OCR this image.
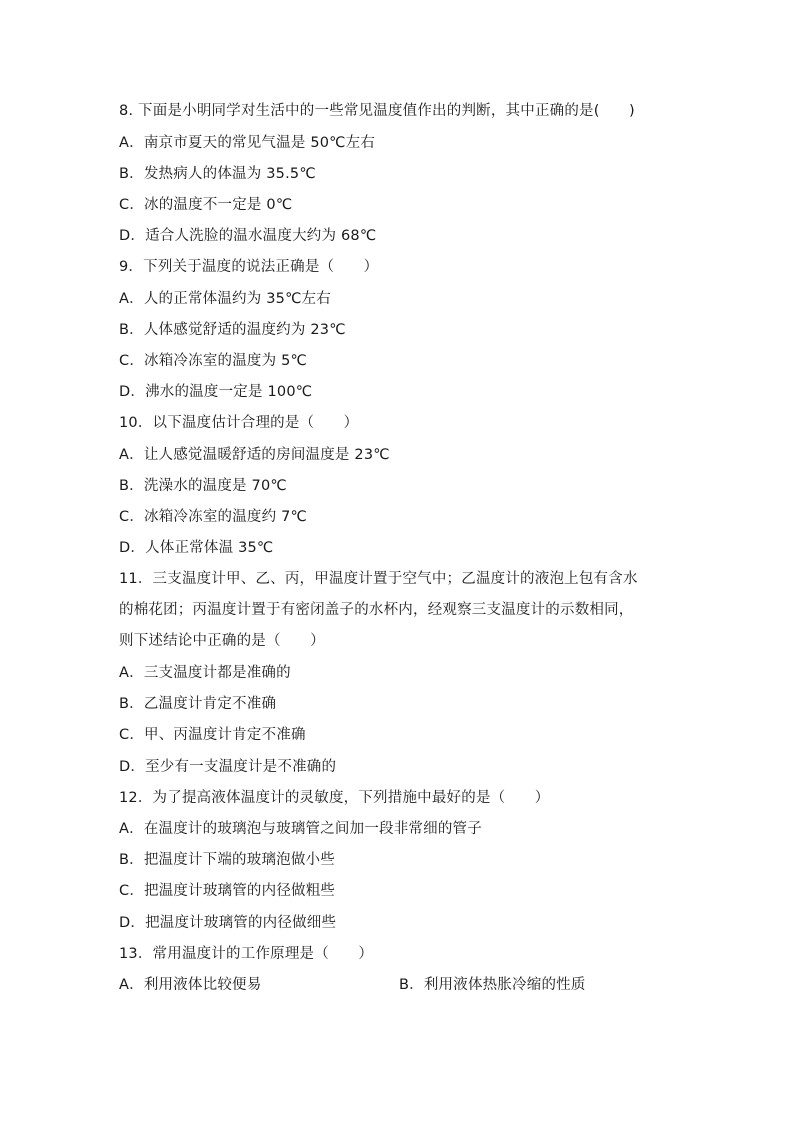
8. 下面是小明同学对生活中的一些常见温度值作出的判断，其中正确的是(　　)
A．南京市夏天的常见气温是 50℃左右
B．发热病人的体温为 35.5℃
C．冰的温度不一定是 0℃
D．适合人洗脸的温水温度大约为 68℃
9．下列关于温度的说法正确是（　　）
A．人的正常体温约为 35℃左右
B．人体感觉舒适的温度约为 23℃
C．冰箱冷冻室的温度为 5℃
D．沸水的温度一定是 100℃
10．以下温度估计合理的是（　　）
A．让人感觉温暖舒适的房间温度是 23℃
B．洗澡水的温度是 70℃
C．冰箱冷冻室的温度约 7℃
D．人体正常体温 35℃
11．三支温度计甲、乙、丙，甲温度计置于空气中；乙温度计的液泡上包有含水
的棉花团；丙温度计置于有密闭盖子的水杯内，经观察三支温度计的示数相同，
则下述结论中正确的是（　　）
A．三支温度计都是准确的
B．乙温度计肯定不准确
C．甲、丙温度计肯定不准确
D．至少有一支温度计是不准确的
12．为了提高液体温度计的灵敏度，下列措施中最好的是（　　）
A．在温度计的玻璃泡与玻璃管之间加一段非常细的管子
B．把温度计下端的玻璃泡做小些
C．把温度计玻璃管的内径做粗些
D．把温度计玻璃管的内径做细些
13．常用温度计的工作原理是（　　）
A．利用液体比较便易	B．利用液体热胀冷缩的性质
